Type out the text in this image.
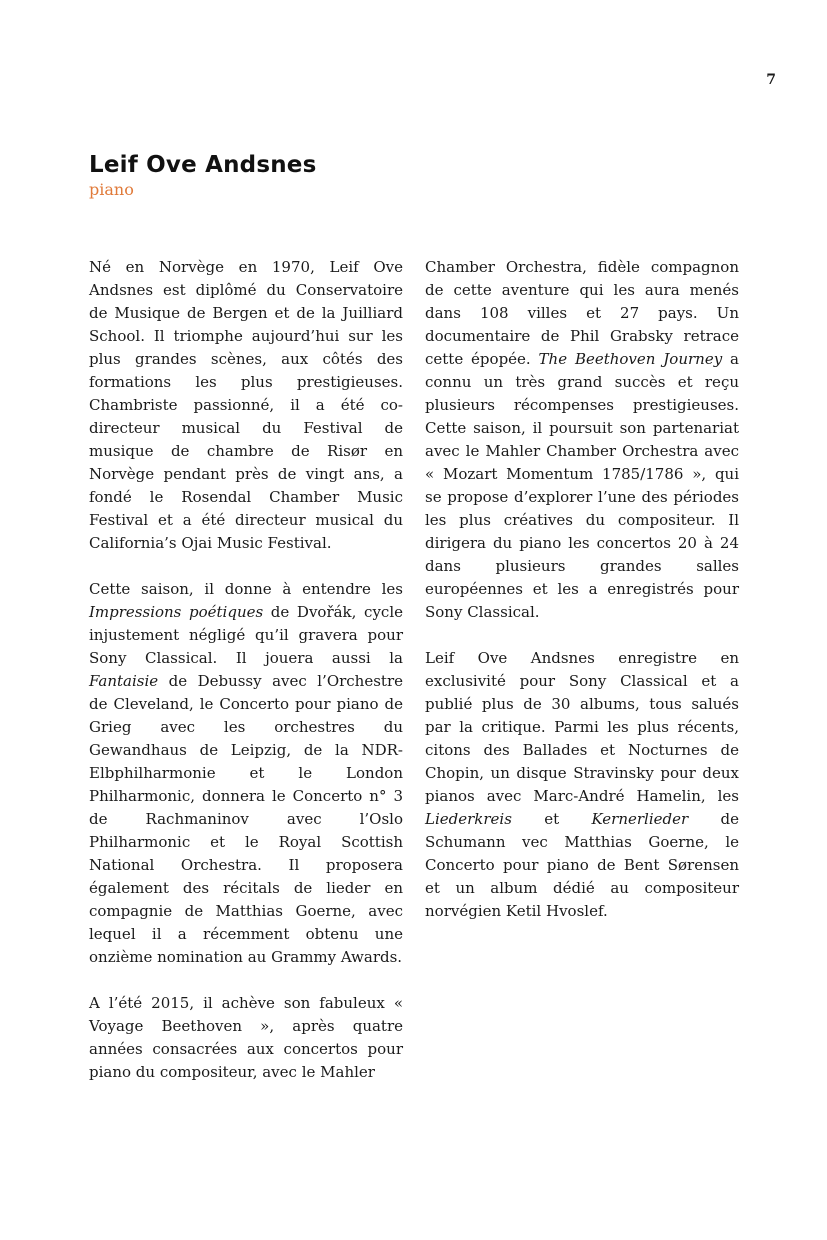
7
Leif Ove Andsnes
piano

Né en Norvège en 1970, Leif Ove Andsnes est diplômé du Conservatoire de Musique de Bergen et de la Juilliard School. Il triomphe aujourd’hui sur les plus grandes scènes, aux côtés des formations les plus prestigieuses. Chambriste passionné, il a été co-directeur musical du Festival de musique de chambre de Risør en Norvège pendant près de vingt ans, a fondé le Rosendal Chamber Music Festival et a été directeur musical du California’s Ojai Music Festival.

Cette saison, il donne à entendre les Impressions poétiques de Dvořák, cycle injustement négligé qu’il gravera pour Sony Classical. Il jouera aussi la Fantaisie de Debussy avec l’Orchestre de Cleveland, le Concerto pour piano de Grieg avec les orchestres du Gewandhaus de Leipzig, de la NDR-Elbphilharmonie et le London Philharmonic, donnera le Concerto n° 3 de Rachmaninov avec l’Oslo Philharmonic et le Royal Scottish National Orchestra. Il proposera également des récitals de lieder en compagnie de Matthias Goerne, avec lequel il a récemment obtenu une onzième nomination au Grammy Awards.

A l’été 2015, il achève son fabuleux « Voyage Beethoven », après quatre années consacrées aux concertos pour piano du compositeur, avec le Mahler

Chamber Orchestra, fidèle compagnon de cette aventure qui les aura menés dans 108 villes et 27 pays. Un documentaire de Phil Grabsky retrace cette épopée. The Beethoven Journey a connu un très grand succès et reçu plusieurs récompenses prestigieuses. Cette saison, il poursuit son partenariat avec le Mahler Chamber Orchestra avec « Mozart Momentum 1785/1786 », qui se propose d’explorer l’une des périodes les plus créatives du compositeur. Il dirigera du piano les concertos 20 à 24 dans plusieurs grandes salles européennes et les a enregistrés pour Sony Classical.

Leif Ove Andsnes enregistre en exclusivité pour Sony Classical et a publié plus de 30 albums, tous salués par la critique. Parmi les plus récents, citons des Ballades et Nocturnes de Chopin, un disque Stravinsky pour deux pianos avec Marc-André Hamelin, les Liederkreis et Kernerlieder de Schumann vec Matthias Goerne, le Concerto pour piano de Bent Sørensen et un album dédié au compositeur norvégien Ketil Hvoslef.
